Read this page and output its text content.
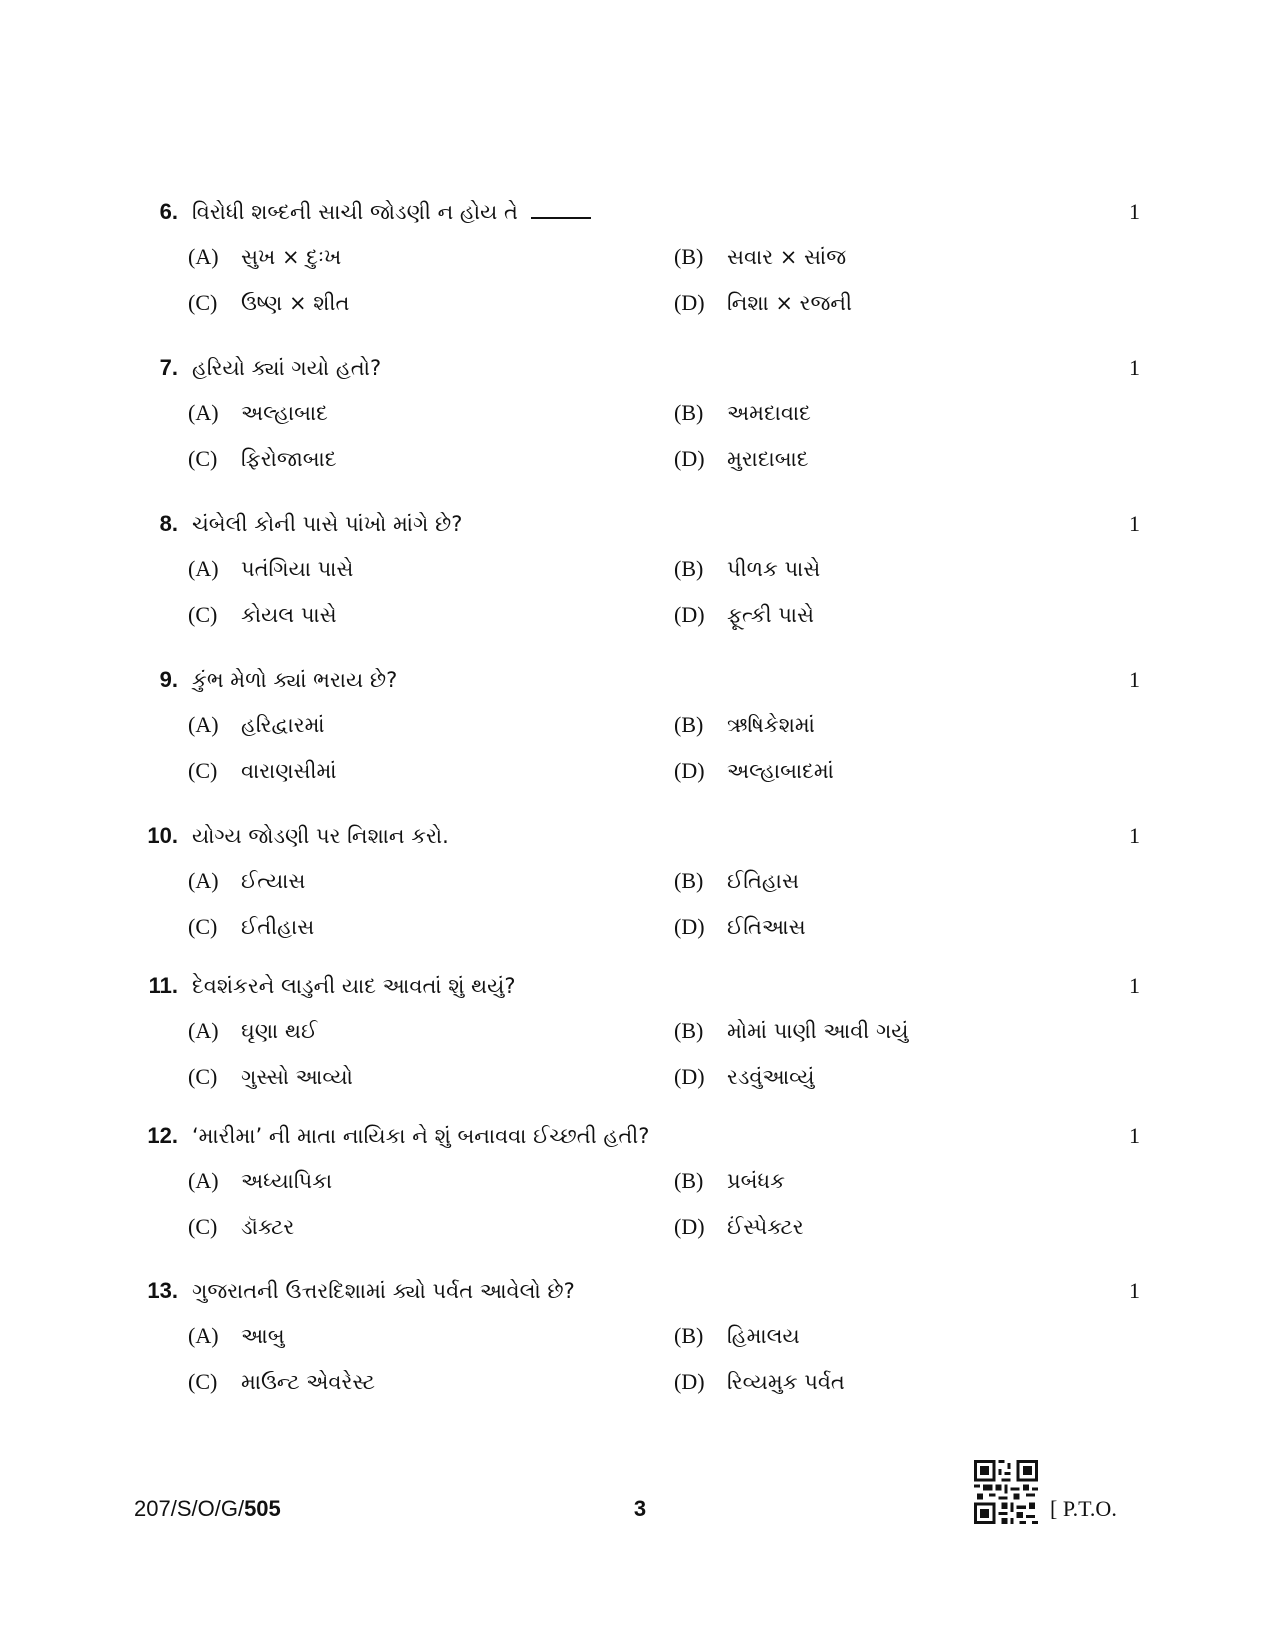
6. વિરોધી શબ્દની સાચી જોડણી ન હોય તે	1
(A) સુખ × દુઃખ	(B) સવાર × સાંજ
(C) ઉષ્ણ × શીત	(D) નિશા × રજની
7. હરિયો ક્યાં ગયો હતો?	1
(A) અલ્હાબાદ	(B) અમદાવાદ
(C) ફિરોજાબાદ	(D) મુરાદાબાદ
8. ચંબેલી કોની પાસે પાંખો માંગે છે?	1
(A) પતંગિયા પાસે	(B) પીળક પાસે
(C) કોયલ પાસે	(D) ફૂત્કી પાસે
9. કુંભ મેળો ક્યાં ભરાય છે?	1
(A) હરિદ્વારમાં	(B) ઋષિકેશમાં
(C) વારાણસીમાં	(D) અલ્હાબાદમાં
10. યોગ્ય જોડણી પર નિશાન કરો.	1
(A) ઈત્યાસ	(B) ઈતિહાસ
(C) ઈતીહાસ	(D) ઈતિઆસ
11. દેવશંકરને લાડુની યાદ આવતાં શું થયું?	1
(A) ઘૃણા થઈ	(B) મોમાં પાણી આવી ગયું
(C) ગુસ્સો આવ્યો	(D) રડવુંઆવ્યું
12. ‘મારીમા’ ની માતા નાયિકા ને શું બનાવવા ઈચ્છતી હતી?	1
(A) અધ્યાપિકા	(B) પ્રબંધક
(C) ડૉક્ટર	(D) ઈંસ્પેક્ટર
13. ગુજરાતની ઉત્તરદિશામાં ક્યો પર્વત આવેલો છે?	1
(A) આબુ	(B) હિમાલય
(C) માઉન્ટ એવરેસ્ટ	(D) રિવ્યમુક પર્વત
207/S/O/G/505	3	[ P.T.O.
